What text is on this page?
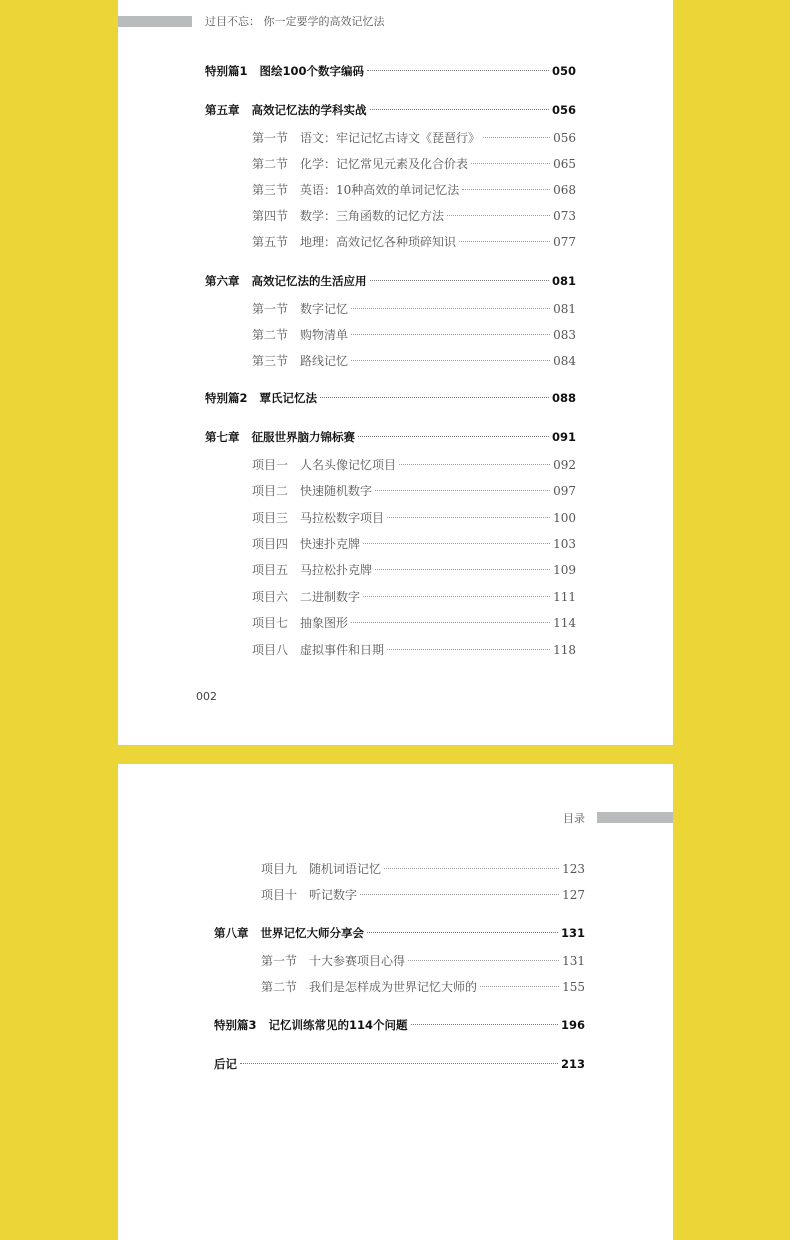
过目不忘： 你一定要学的高效记忆法
特别篇1 图绘100个数字编码	050
第五章 高效记忆法的学科实战	056
第一节 语文：牢记记忆古诗文《琵琶行》	056
第二节 化学：记忆常见元素及化合价表	065
第三节 英语：10种高效的单词记忆法	068
第四节 数学：三角函数的记忆方法	073
第五节 地理：高效记忆各种琐碎知识	077
第六章 高效记忆法的生活应用	081
第一节 数字记忆	081
第二节 购物清单	083
第三节 路线记忆	084
特别篇2 覃氏记忆法	088
第七章 征服世界脑力锦标赛	091
项目一 人名头像记忆项目	092
项目二 快速随机数字	097
项目三 马拉松数字项目	100
项目四 快速扑克牌	103
项目五 马拉松扑克牌	109
项目六 二进制数字	111
项目七 抽象图形	114
项目八 虚拟事件和日期	118
002
目录
项目九 随机词语记忆	123
项目十 听记数字	127
第八章 世界记忆大师分享会	131
第一节 十大参赛项目心得	131
第二节 我们是怎样成为世界记忆大师的	155
特别篇3 记忆训练常见的114个问题	196
后记	213
